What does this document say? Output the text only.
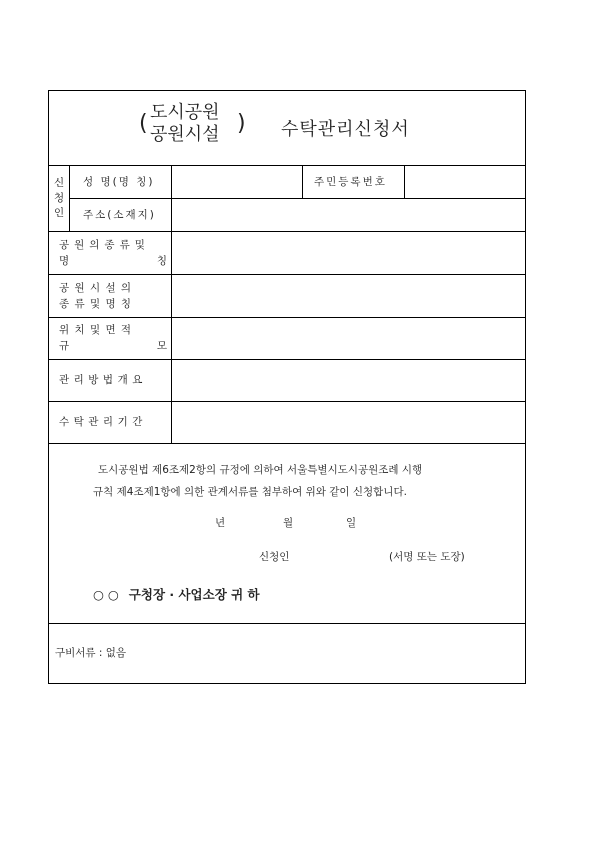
( 도시공원
공원시설 ) 수탁관리신청서
신
청
인
성 명(명 칭)	주민등록번호
주소(소재지)
공원의종류및
명	칭
공 원 시 설 의
종 류 및 명 칭
위 치 및 면 적
규	모
관리방법개요
수탁관리기간
도시공원법 제6조제2항의 규정에 의하여 서울특별시도시공원조례 시행
규칙 제4조제1항에 의한 관계서류를 첨부하여 위와 같이 신청합니다.
년	월	일
신청인	(서명 또는 도장)
○ ○ 구청장 · 사업소장 귀 하
구비서류 : 없음
